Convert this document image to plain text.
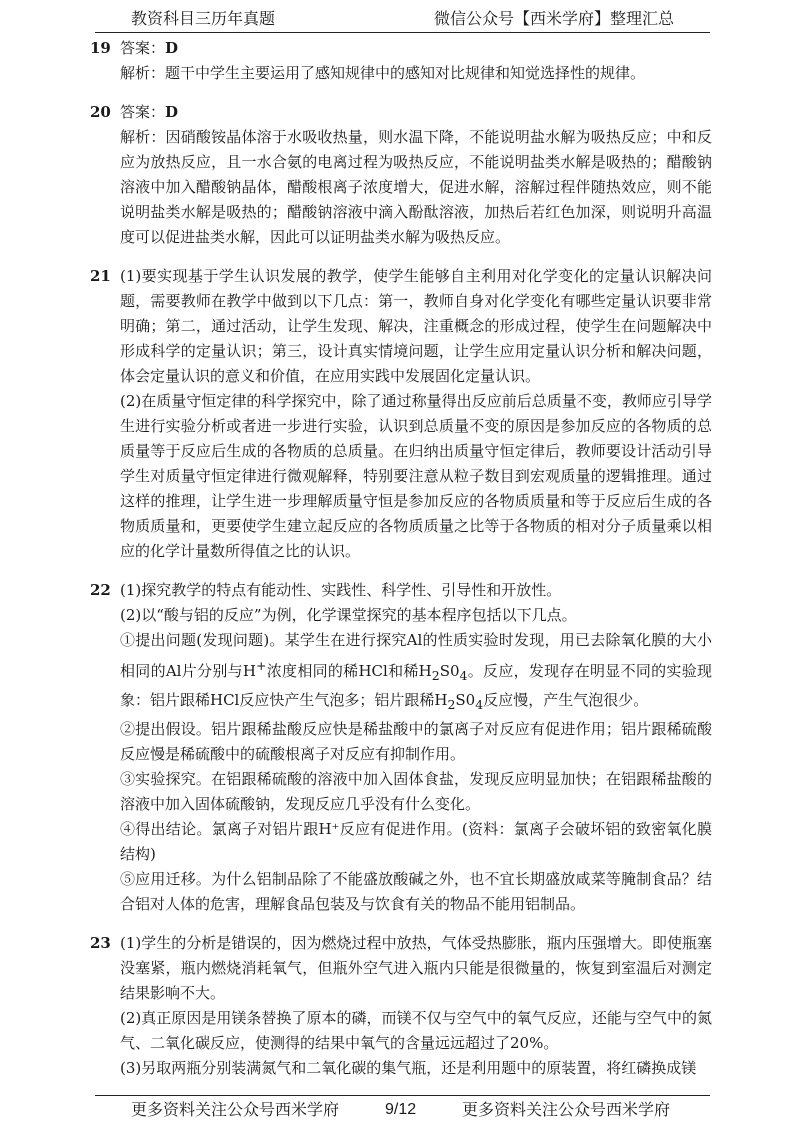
教资科目三历年真题	微信公众号【西米学府】整理汇总
19 答案：D

解析：题干中学生主要运用了感知规律中的感知对比规律和知觉选择性的规律。

20 答案：D

解析：因硝酸铵晶体溶于水吸收热量，则水温下降，不能说明盐水解为吸热反应；中和反应为放热反应，且一水合氨的电离过程为吸热反应，不能说明盐类水解是吸热的；醋酸钠溶液中加入醋酸钠晶体，醋酸根离子浓度增大，促进水解，溶解过程伴随热效应，则不能说明盐类水解是吸热的；醋酸钠溶液中滴入酚酞溶液，加热后若红色加深，则说明升高温度可以促进盐类水解，因此可以证明盐类水解为吸热反应。

21 (1)要实现基于学生认识发展的教学，使学生能够自主利用对化学变化的定量认识解决问题，需要教师在教学中做到以下几点：第一，教师自身对化学变化有哪些定量认识要非常明确；第二，通过活动，让学生发现、解决，注重概念的形成过程，使学生在问题解决中形成科学的定量认识；第三，设计真实情境问题，让学生应用定量认识分析和解决问题，体会定量认识的意义和价值，在应用实践中发展固化定量认识。

(2)在质量守恒定律的科学探究中，除了通过称量得出反应前后总质量不变，教师应引导学生进行实验分析或者进一步进行实验，认识到总质量不变的原因是参加反应的各物质的总质量等于反应后生成的各物质的总质量。在归纳出质量守恒定律后，教师要设计活动引导学生对质量守恒定律进行微观解释，特别要注意从粒子数目到宏观质量的逻辑推理。通过这样的推理，让学生进一步理解质量守恒是参加反应的各物质质量和等于反应后生成的各物质质量和，更要使学生建立起反应的各物质质量之比等于各物质的相对分子质量乘以相应的化学计量数所得值之比的认识。

22 (1)探究教学的特点有能动性、实践性、科学性、引导性和开放性。

(2)以“酸与铝的反应”为例，化学课堂探究的基本程序包括以下几点。

①提出问题(发现问题)。某学生在进行探究Al的性质实验时发现，用已去除氧化膜的大小相同的Al片分别与H+浓度相同的稀HCl和稀$H_2S0_4$。反应，发现存在明显不同的实验现象：铝片跟稀HCl反应快产生气泡多；铝片跟稀$H_2S0_4$反应慢，产生气泡很少。

②提出假设。铝片跟稀盐酸反应快是稀盐酸中的氯离子对反应有促进作用；铝片跟稀硫酸反应慢是稀硫酸中的硫酸根离子对反应有抑制作用。

③实验探究。在铝跟稀硫酸的溶液中加入固体食盐，发现反应明显加快；在铝跟稀盐酸的溶液中加入固体硫酸钠，发现反应几乎没有什么变化。

④得出结论。氯离子对铝片跟H⁺反应有促进作用。(资料：氯离子会破坏铝的致密氧化膜结构)

⑤应用迁移。为什么铝制品除了不能盛放酸碱之外，也不宜长期盛放咸菜等腌制食品？结合铝对人体的危害，理解食品包装及与饮食有关的物品不能用铝制品。

23 (1)学生的分析是错误的，因为燃烧过程中放热，气体受热膨胀，瓶内压强增大。即使瓶塞没塞紧，瓶内燃烧消耗氧气，但瓶外空气进入瓶内只能是很微量的，恢复到室温后对测定结果影响不大。

(2)真正原因是用镁条替换了原本的磷，而镁不仅与空气中的氧气反应，还能与空气中的氮气、二氧化碳反应，使测得的结果中氧气的含量远远超过了20%。

(3)另取两瓶分别装满氮气和二氧化碳的集气瓶，还是利用题中的原装置，将红磷换成镁

更多资料关注公众号西米学府	9/12	更多资料关注公众号西米学府
